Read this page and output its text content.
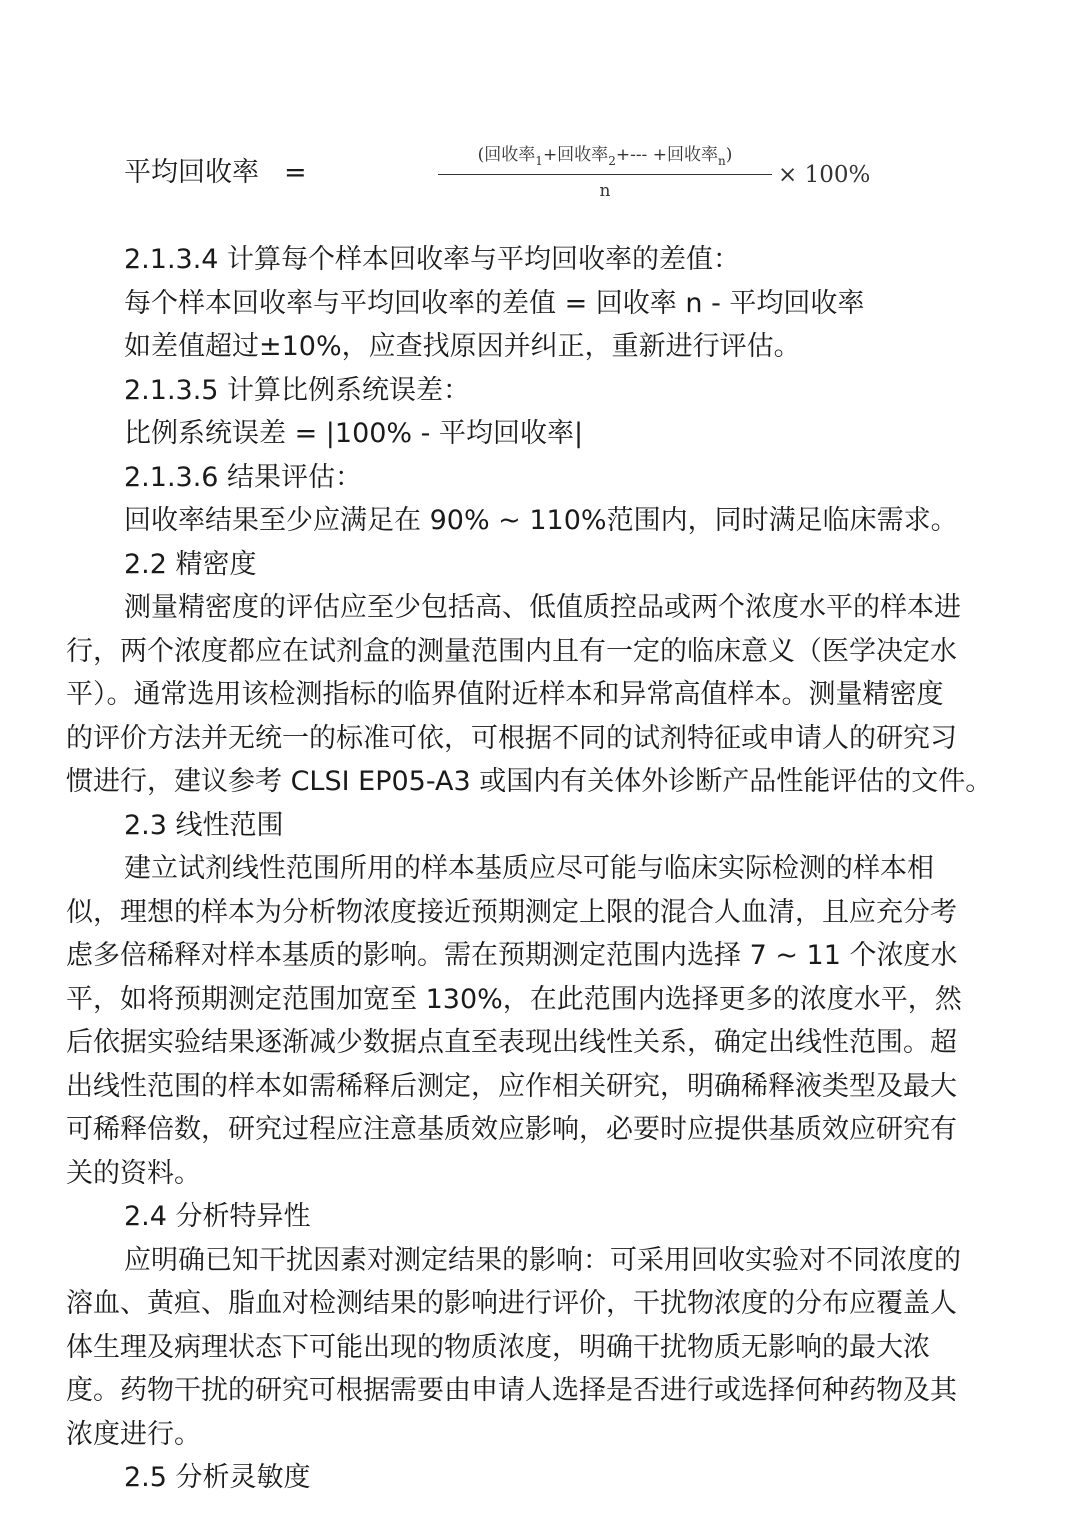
平均回收率 =
(回收率$_1$+回收率$_2$+--- +回收率$_n$)
n
× 100%
2.1.3.4 计算每个样本回收率与平均回收率的差值：
每个样本回收率与平均回收率的差值 = 回收率 n - 平均回收率
如差值超过±10%，应查找原因并纠正，重新进行评估。
2.1.3.5 计算比例系统误差：
比例系统误差 = |100% - 平均回收率|
2.1.3.6 结果评估：
回收率结果至少应满足在 90% ~ 110%范围内，同时满足临床需求。
2.2 精密度
测量精密度的评估应至少包括高、低值质控品或两个浓度水平的样本进
行，两个浓度都应在试剂盒的测量范围内且有一定的临床意义（医学决定水
平）。通常选用该检测指标的临界值附近样本和异常高值样本。测量精密度
的评价方法并无统一的标准可依，可根据不同的试剂特征或申请人的研究习
惯进行，建议参考 CLSI EP05-A3 或国内有关体外诊断产品性能评估的文件。
2.3 线性范围
建立试剂线性范围所用的样本基质应尽可能与临床实际检测的样本相
似，理想的样本为分析物浓度接近预期测定上限的混合人血清，且应充分考
虑多倍稀释对样本基质的影响。需在预期测定范围内选择 7 ~ 11 个浓度水
平，如将预期测定范围加宽至 130%，在此范围内选择更多的浓度水平，然
后依据实验结果逐渐减少数据点直至表现出线性关系，确定出线性范围。超
出线性范围的样本如需稀释后测定，应作相关研究，明确稀释液类型及最大
可稀释倍数，研究过程应注意基质效应影响，必要时应提供基质效应研究有
关的资料。
2.4 分析特异性
应明确已知干扰因素对测定结果的影响：可采用回收实验对不同浓度的
溶血、黄疸、脂血对检测结果的影响进行评价，干扰物浓度的分布应覆盖人
体生理及病理状态下可能出现的物质浓度，明确干扰物质无影响的最大浓
度。药物干扰的研究可根据需要由申请人选择是否进行或选择何种药物及其
浓度进行。
2.5 分析灵敏度
